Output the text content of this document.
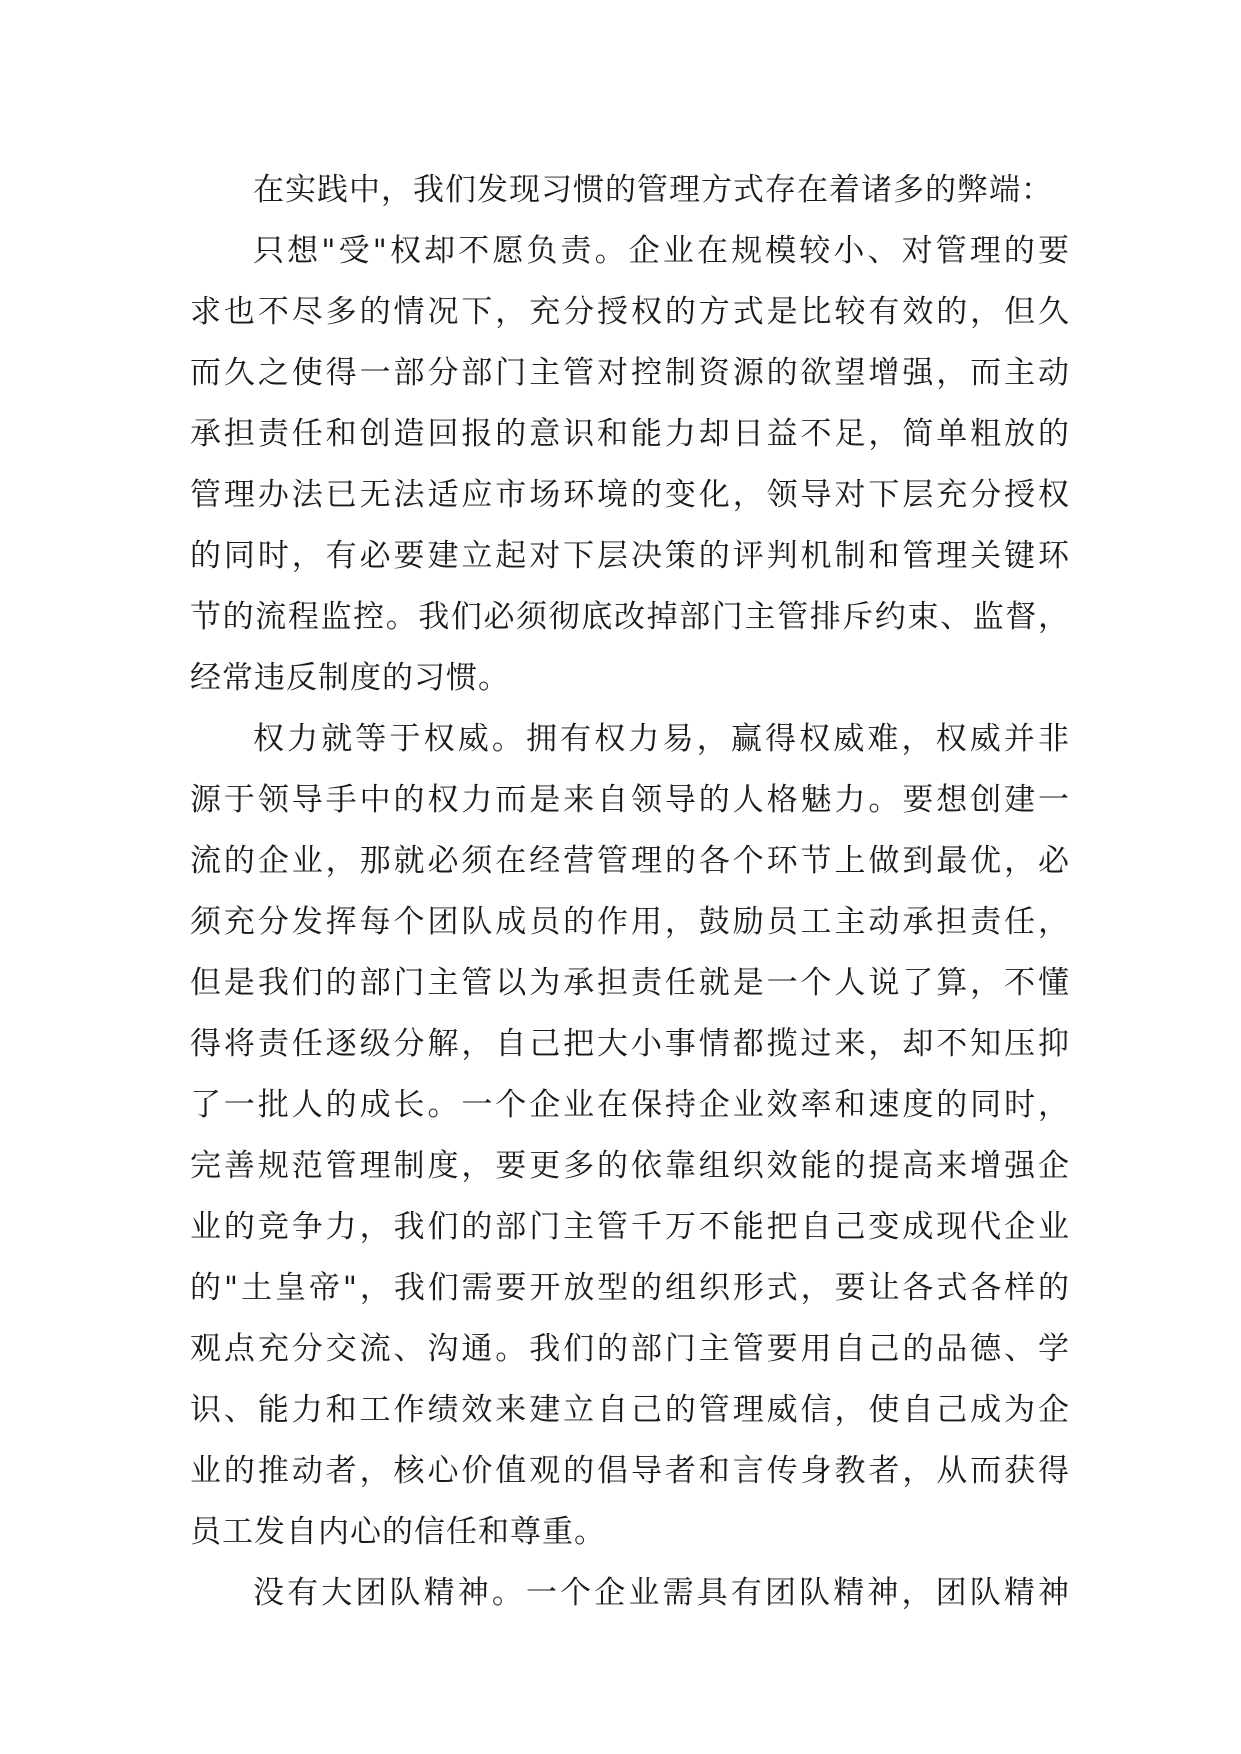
在实践中，我们发现习惯的管理方式存在着诸多的弊端：
只想"受"权却不愿负责。企业在规模较小、对管理的要
求也不尽多的情况下，充分授权的方式是比较有效的，但久
而久之使得一部分部门主管对控制资源的欲望增强，而主动
承担责任和创造回报的意识和能力却日益不足，简单粗放的
管理办法已无法适应市场环境的变化，领导对下层充分授权
的同时，有必要建立起对下层决策的评判机制和管理关键环
节的流程监控。我们必须彻底改掉部门主管排斥约束、监督，
经常违反制度的习惯。
权力就等于权威。拥有权力易，赢得权威难，权威并非
源于领导手中的权力而是来自领导的人格魅力。要想创建一
流的企业，那就必须在经营管理的各个环节上做到最优，必
须充分发挥每个团队成员的作用，鼓励员工主动承担责任，
但是我们的部门主管以为承担责任就是一个人说了算，不懂
得将责任逐级分解，自己把大小事情都揽过来，却不知压抑
了一批人的成长。一个企业在保持企业效率和速度的同时，
完善规范管理制度，要更多的依靠组织效能的提高来增强企
业的竞争力，我们的部门主管千万不能把自己变成现代企业
的"土皇帝"，我们需要开放型的组织形式，要让各式各样的
观点充分交流、沟通。我们的部门主管要用自己的品德、学
识、能力和工作绩效来建立自己的管理威信，使自己成为企
业的推动者，核心价值观的倡导者和言传身教者，从而获得
员工发自内心的信任和尊重。
没有大团队精神。一个企业需具有团队精神，团队精神
